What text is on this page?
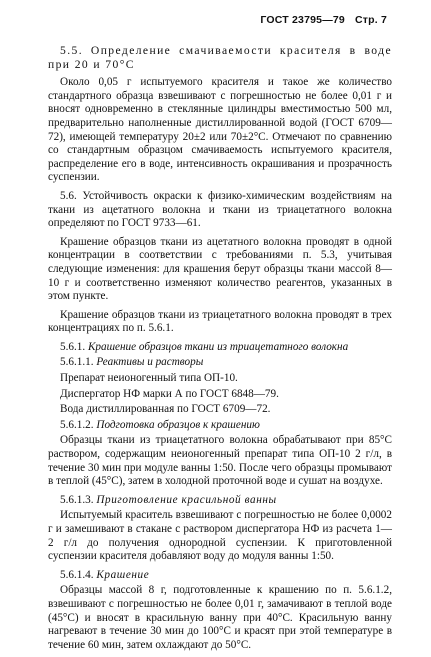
ГОСТ 23795—79 Стр. 7

5.5. Определение смачиваемости красителя в воде при 20 и 70°С

Около 0,05 г испытуемого красителя и такое же количество стандартного образца взвешивают с погрешностью не более 0,01 г и вносят одновременно в стеклянные цилиндры вместимостью 500 мл, предварительно наполненные дистиллированной водой (ГОСТ 6709—72), имеющей температуру 20±2 или 70±2°С. Отмечают по сравнению со стандартным образцом смачиваемость испытуемого красителя, распределение его в воде, интенсивность окрашивания и прозрачность суспензии.

5.6. Устойчивость окраски к физико-химическим воздействиям на ткани из ацетатного волокна и ткани из триацетатного волокна определяют по ГОСТ 9733—61.

Крашение образцов ткани из ацетатного волокна проводят в одной концентрации в соответствии с требованиями п. 5.3, учитывая следующие изменения: для крашения берут образцы ткани массой 8—10 г и соответственно изменяют количество реагентов, указанных в этом пункте.

Крашение образцов ткани из триацетатного волокна проводят в трех концентрациях по п. 5.6.1.

5.6.1. Крашение образцов ткани из триацетатного волокна

5.6.1.1. Реактивы и растворы

Препарат неионогенный типа ОП-10.

Диспергатор НФ марки А по ГОСТ 6848—79.

Вода дистиллированная по ГОСТ 6709—72.

5.6.1.2. Подготовка образцов к крашению

Образцы ткани из триацетатного волокна обрабатывают при 85°С раствором, содержащим неионогенный препарат типа ОП-10 2 г/л, в течение 30 мин при модуле ванны 1:50. После чего образцы промывают в теплой (45°С), затем в холодной проточной воде и сушат на воздухе.

5.6.1.3. Приготовление красильной ванны

Испытуемый краситель взвешивают с погрешностью не более 0,0002 г и замешивают в стакане с раствором диспергатора НФ из расчета 1—2 г/л до получения однородной суспензии. К приготовленной суспензии красителя добавляют воду до модуля ванны 1:50.

5.6.1.4. Крашение

Образцы массой 8 г, подготовленные к крашению по п. 5.6.1.2, взвешивают с погрешностью не более 0,01 г, замачивают в теплой воде (45°С) и вносят в красильную ванну при 40°С. Красильную ванну нагревают в течение 30 мин до 100°С и красят при этой температуре в течение 60 мин, затем охлаждают до 50°С.
